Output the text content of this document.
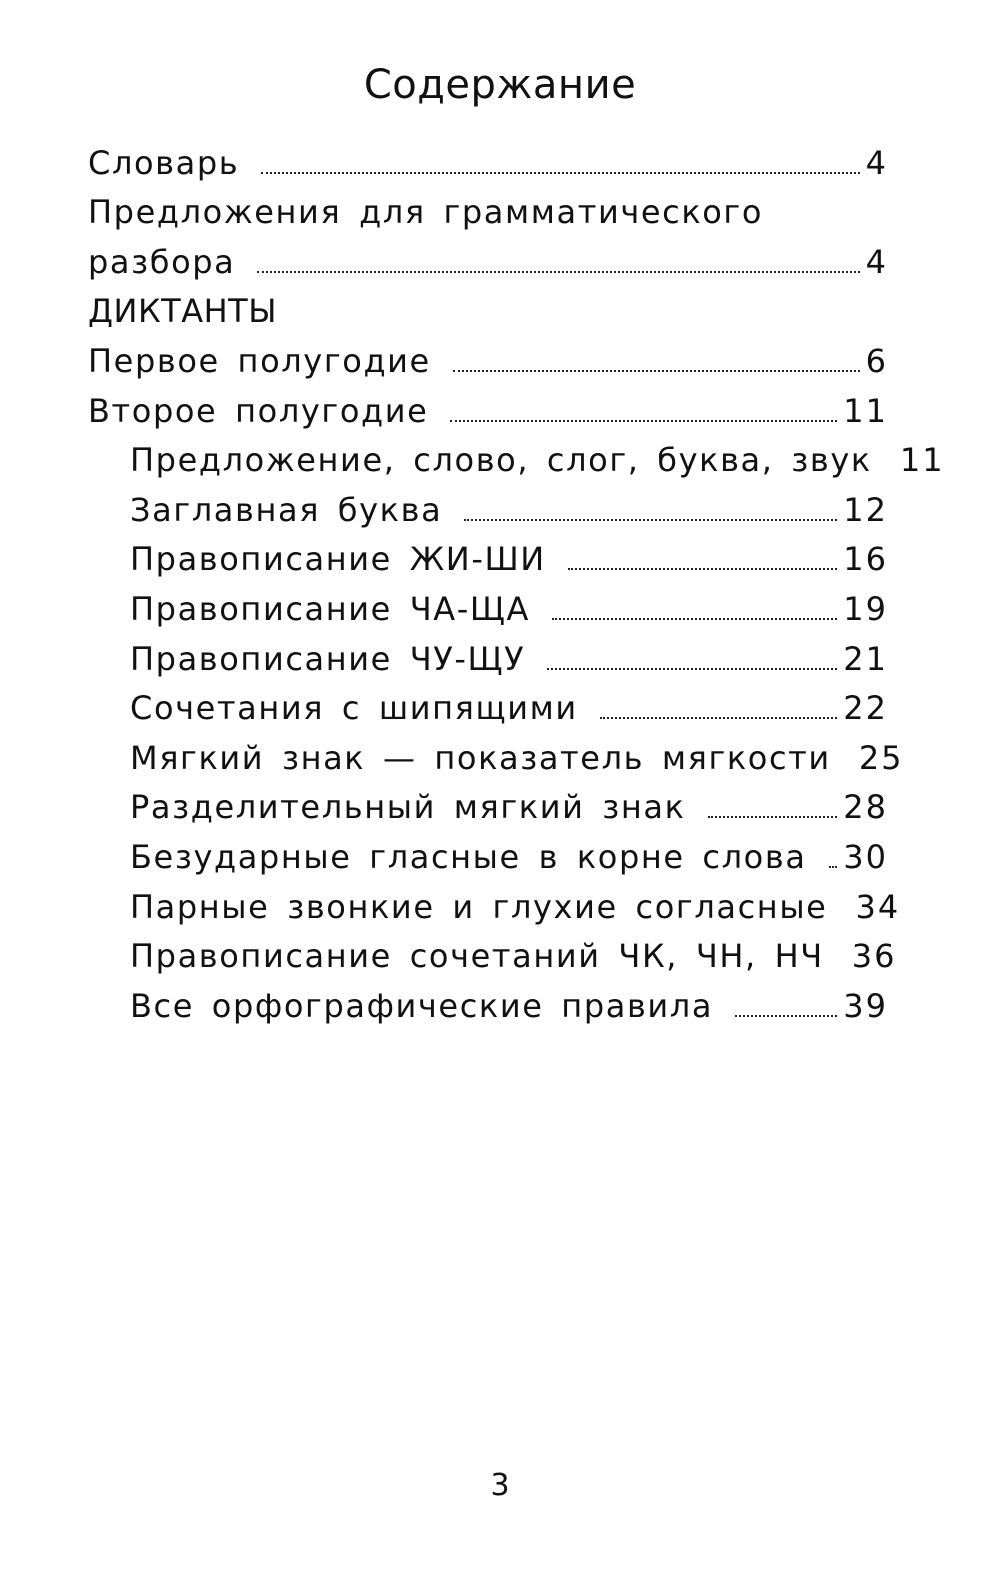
Содержание
Словарь	4
Предложения для грамматического
разбора	4
ДИКТАНТЫ
Первое полугодие	6
Второе полугодие	11
Предложение, слово, слог, буква, звук 11
Заглавная буква	12
Правописание ЖИ-ШИ	16
Правописание ЧА-ЩА	19
Правописание ЧУ-ЩУ	21
Сочетания с шипящими	22
Мягкий знак — показатель мягкости 25
Разделительный мягкий знак	28
Безударные гласные в корне слова 30
Парные звонкие и глухие согласные 34
Правописание сочетаний ЧК, ЧН, НЧ 36
Все орфографические правила	39
3
